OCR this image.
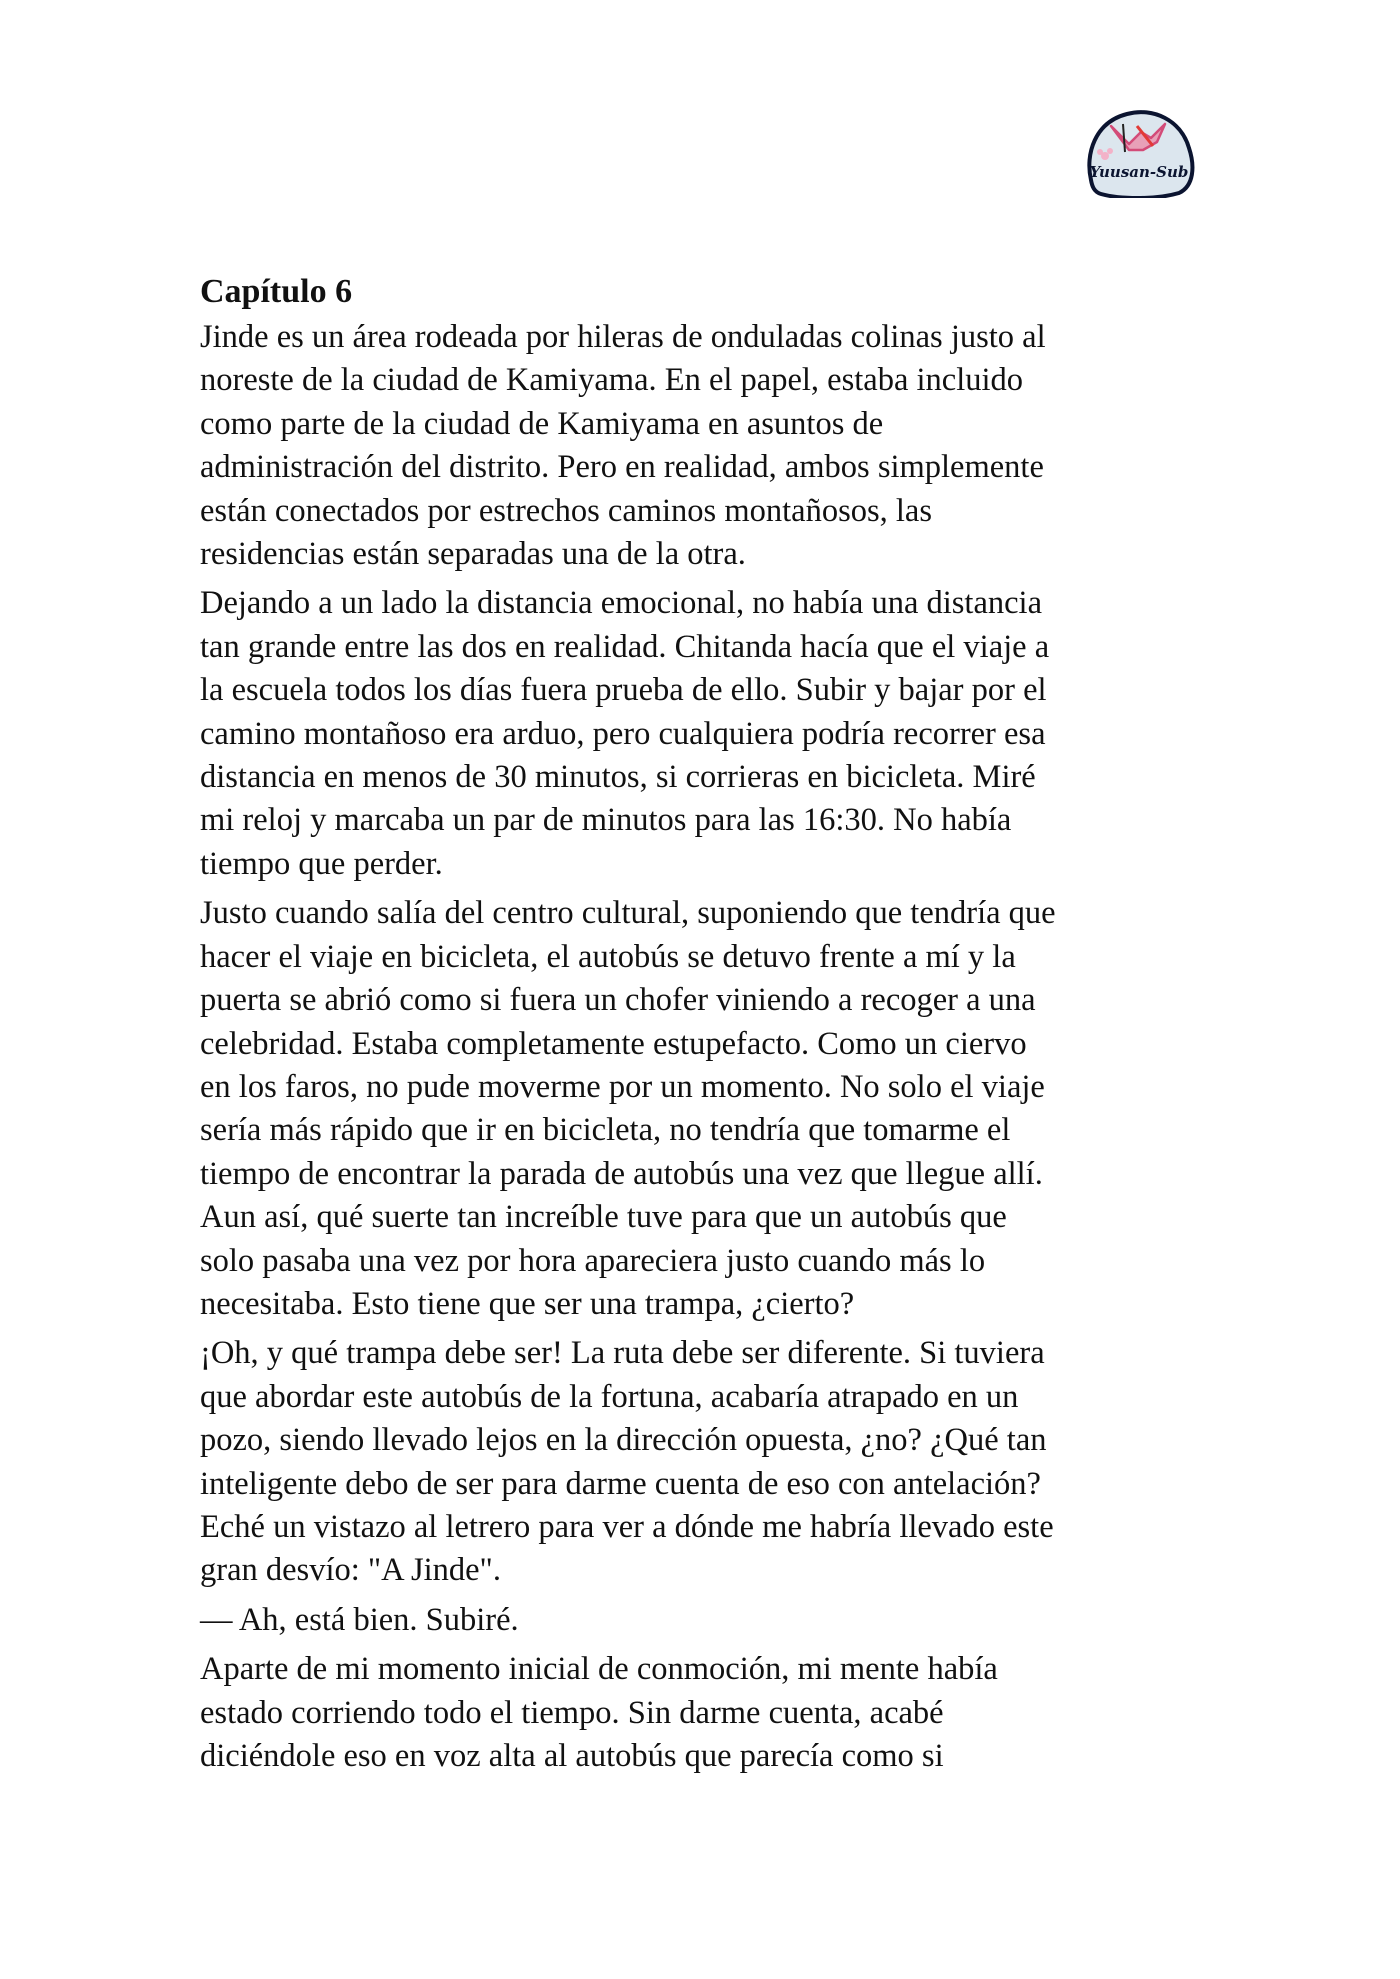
Yuusan-Sub
Capítulo 6

Jinde es un área rodeada por hileras de onduladas colinas justo al
noreste de la ciudad de Kamiyama. En el papel, estaba incluido
como parte de la ciudad de Kamiyama en asuntos de
administración del distrito. Pero en realidad, ambos simplemente
están conectados por estrechos caminos montañosos, las
residencias están separadas una de la otra.

Dejando a un lado la distancia emocional, no había una distancia
tan grande entre las dos en realidad. Chitanda hacía que el viaje a
la escuela todos los días fuera prueba de ello. Subir y bajar por el
camino montañoso era arduo, pero cualquiera podría recorrer esa
distancia en menos de 30 minutos, si corrieras en bicicleta. Miré
mi reloj y marcaba un par de minutos para las 16:30. No había
tiempo que perder.

Justo cuando salía del centro cultural, suponiendo que tendría que
hacer el viaje en bicicleta, el autobús se detuvo frente a mí y la
puerta se abrió como si fuera un chofer viniendo a recoger a una
celebridad. Estaba completamente estupefacto. Como un ciervo
en los faros, no pude moverme por un momento. No solo el viaje
sería más rápido que ir en bicicleta, no tendría que tomarme el
tiempo de encontrar la parada de autobús una vez que llegue allí.
Aun así, qué suerte tan increíble tuve para que un autobús que
solo pasaba una vez por hora apareciera justo cuando más lo
necesitaba. Esto tiene que ser una trampa, ¿cierto?

¡Oh, y qué trampa debe ser! La ruta debe ser diferente. Si tuviera
que abordar este autobús de la fortuna, acabaría atrapado en un
pozo, siendo llevado lejos en la dirección opuesta, ¿no? ¿Qué tan
inteligente debo de ser para darme cuenta de eso con antelación?
Eché un vistazo al letrero para ver a dónde me habría llevado este
gran desvío: "A Jinde".

— Ah, está bien. Subiré.

Aparte de mi momento inicial de conmoción, mi mente había
estado corriendo todo el tiempo. Sin darme cuenta, acabé
diciéndole eso en voz alta al autobús que parecía como si
